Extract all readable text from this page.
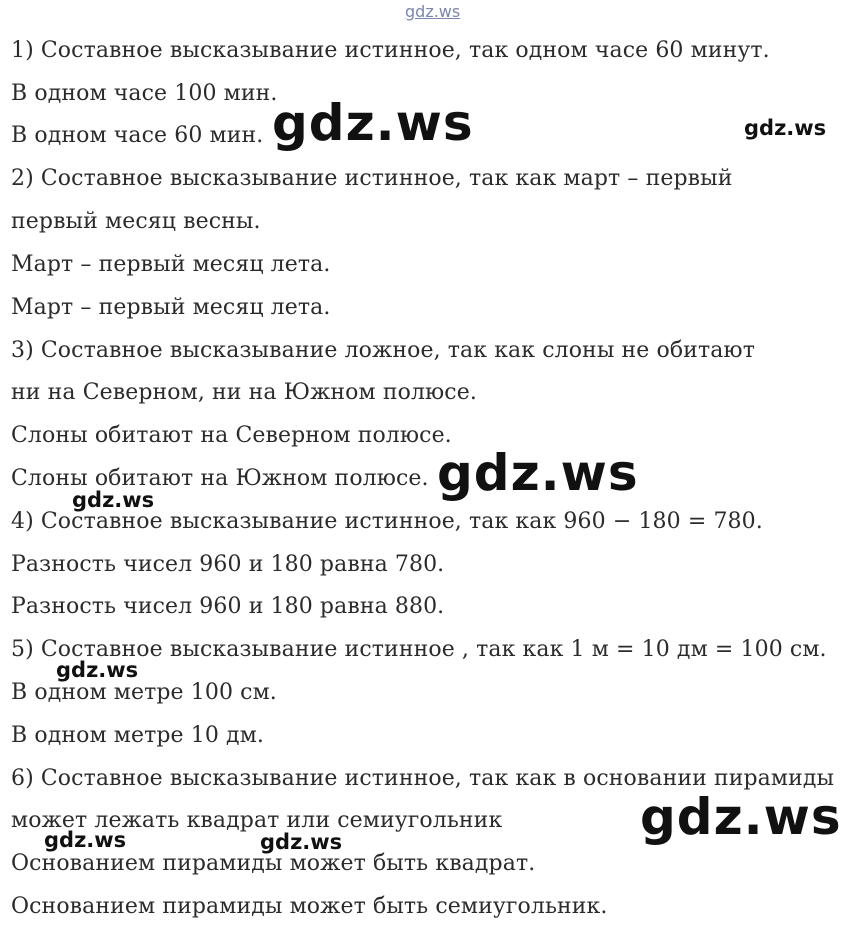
1) Составное высказывание истинное, так одном часе 60 минут.
В одном часе 100 мин.
В одном часе 60 мин.
2) Составное высказывание истинное, так как март – первый
первый месяц весны.
Март – первый месяц лета.
Март – первый месяц лета.
3) Составное высказывание ложное, так как слоны не обитают
ни на Северном, ни на Южном полюсе.
Слоны обитают на Северном полюсе.
Слоны обитают на Южном полюсе.
4) Составное высказывание истинное, так как 960 − 180 = 780.
Разность чисел 960 и 180 равна 780.
Разность чисел 960 и 180 равна 880.
5) Составное высказывание истинное , так как 1 м = 10 дм = 100 см.
В одном метре 100 см.
В одном метре 10 дм.
6) Составное высказывание истинное, так как в основании пирамиды
может лежать квадрат или семиугольник
Основанием пирамиды может быть квадрат.
Основанием пирамиды может быть семиугольник.
gdz.ws
gdz.ws	gdz.ws
gdz.ws
gdz.ws
gdz.ws
gdz.ws
gdz.ws	gdz.ws
